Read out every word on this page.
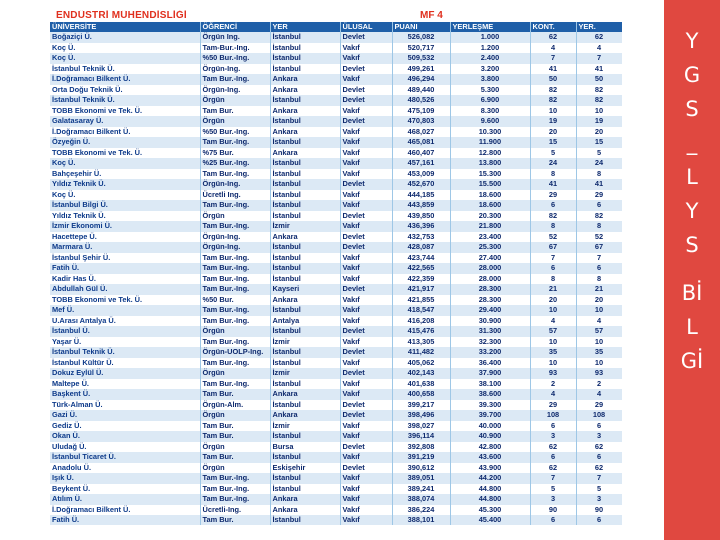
ENDÜSTRİ MÜHENDİSLİĞİ	MF 4
ÜNİVERSİTE	ÖĞRENCİ	YER	ÜLUSAL	PUANI	YERLEŞME	KONT.	YER.
Boğaziçi Ü.	Örgün Ing.	İstanbul	Devlet	526,082	1.000	62	62
Koç Ü.	Tam-Bur.-Ing.	İstanbul	Vakıf	520,717	1.200	4	4
Koç Ü.	%50 Bur.-Ing.	İstanbul	Vakıf	509,532	2.400	7	7
İstanbul Teknik Ü.	Örgün-Ing.	İstanbul	Devlet	499,261	3.200	41	41
İ.Doğramacı Bilkent Ü.	Tam Bur.-Ing.	Ankara	Vakıf	496,294	3.800	50	50
Orta Doğu Teknik Ü.	Örgün-Ing.	Ankara	Devlet	489,440	5.300	82	82
İstanbul Teknik Ü.	Örgün	İstanbul	Devlet	480,526	6.900	82	82
TOBB Ekonomi ve Tek. Ü.	Tam Bur.	Ankara	Vakıf	475,109	8.300	10	10
Galatasaray Ü.	Örgün	İstanbul	Devlet	470,803	9.600	19	19
İ.Doğramacı Bilkent Ü.	%50 Bur.-Ing.	Ankara	Vakıf	468,027	10.300	20	20
Özyeğin Ü.	Tam Bur.-Ing.	İstanbul	Vakıf	465,081	11.900	15	15
TOBB Ekonomi ve Tek. Ü.	%75 Bur.	Ankara	Vakıf	460,407	12.800	5	5
Koç Ü.	%25 Bur.-Ing.	İstanbul	Vakıf	457,161	13.800	24	24
Bahçeşehir Ü.	Tam Bur.-Ing.	İstanbul	Vakıf	453,009	15.300	8	8
Yıldız Teknik Ü.	Örgün-Ing.	İstanbul	Devlet	452,670	15.500	41	41
Koç Ü.	Ücretli Ing.	İstanbul	Vakıf	444,185	18.600	29	29
İstanbul Bilgi Ü.	Tam Bur.-Ing.	İstanbul	Vakıf	443,859	18.600	6	6
Yıldız Teknik Ü.	Örgün	İstanbul	Devlet	439,850	20.300	82	82
İzmir Ekonomi Ü.	Tam Bur.-Ing.	İzmir	Vakıf	436,396	21.800	8	8
Hacettepe Ü.	Örgün-Ing.	Ankara	Devlet	432,753	23.400	52	52
Marmara Ü.	Örgün-Ing.	İstanbul	Devlet	428,087	25.300	67	67
İstanbul Şehir Ü.	Tam Bur.-Ing.	İstanbul	Vakıf	423,744	27.400	7	7
Fatih Ü.	Tam Bur.-Ing.	İstanbul	Vakıf	422,565	28.000	6	6
Kadir Has Ü.	Tam Bur.-Ing.	İstanbul	Vakıf	422,359	28.000	8	8
Abdullah Gül Ü.	Tam Bur.-Ing.	Kayseri	Devlet	421,917	28.300	21	21
TOBB Ekonomi ve Tek. Ü.	%50 Bur.	Ankara	Vakıf	421,855	28.300	20	20
Mef Ü.	Tam Bur.-Ing.	İstanbul	Vakıf	418,547	29.400	10	10
U.Arası Antalya Ü.	Tam Bur.-Ing.	Antalya	Vakıf	416,208	30.900	4	4
İstanbul Ü.	Örgün	İstanbul	Devlet	415,476	31.300	57	57
Yaşar Ü.	Tam Bur.-Ing.	İzmir	Vakıf	413,305	32.300	10	10
İstanbul Teknik Ü.	Örgün-UOLP-Ing.	İstanbul	Devlet	411,482	33.200	35	35
İstanbul Kültür Ü.	Tam Bur.-Ing.	İstanbul	Vakıf	405,062	36.400	10	10
Dokuz Eylül Ü.	Örgün	İzmir	Devlet	402,143	37.900	93	93
Maltepe Ü.	Tam Bur.-Ing.	İstanbul	Vakıf	401,638	38.100	2	2
Başkent Ü.	Tam Bur.	Ankara	Vakıf	400,658	38.600	4	4
Türk-Alman Ü.	Örgün-Alm.	İstanbul	Devlet	399,217	39.300	29	29
Gazi Ü.	Örgün	Ankara	Devlet	398,496	39.700	108	108
Gediz Ü.	Tam Bur.	İzmir	Vakıf	398,027	40.000	6	6
Okan Ü.	Tam Bur.	İstanbul	Vakıf	396,114	40.900	3	3
Uludağ Ü.	Örgün	Bursa	Devlet	392,808	42.800	62	62
İstanbul Ticaret Ü.	Tam Bur.	İstanbul	Vakıf	391,219	43.600	6	6
Anadolu Ü.	Örgün	Eskişehir	Devlet	390,612	43.900	62	62
Işık Ü.	Tam Bur.-Ing.	İstanbul	Vakıf	389,051	44.200	7	7
Beykent Ü.	Tam Bur.-Ing.	İstanbul	Vakıf	389,241	44.800	5	5
Atılım Ü.	Tam Bur.-Ing.	Ankara	Vakıf	388,074	44.800	3	3
İ.Doğramacı Bilkent Ü.	Ücretli-Ing.	Ankara	Vakıf	386,224	45.300	90	90
Fatih Ü.	Tam Bur.	İstanbul	Vakıf	388,101	45.400	6	6
Y
G
S
_
L
Y
S
Bİ
L
Gİ
